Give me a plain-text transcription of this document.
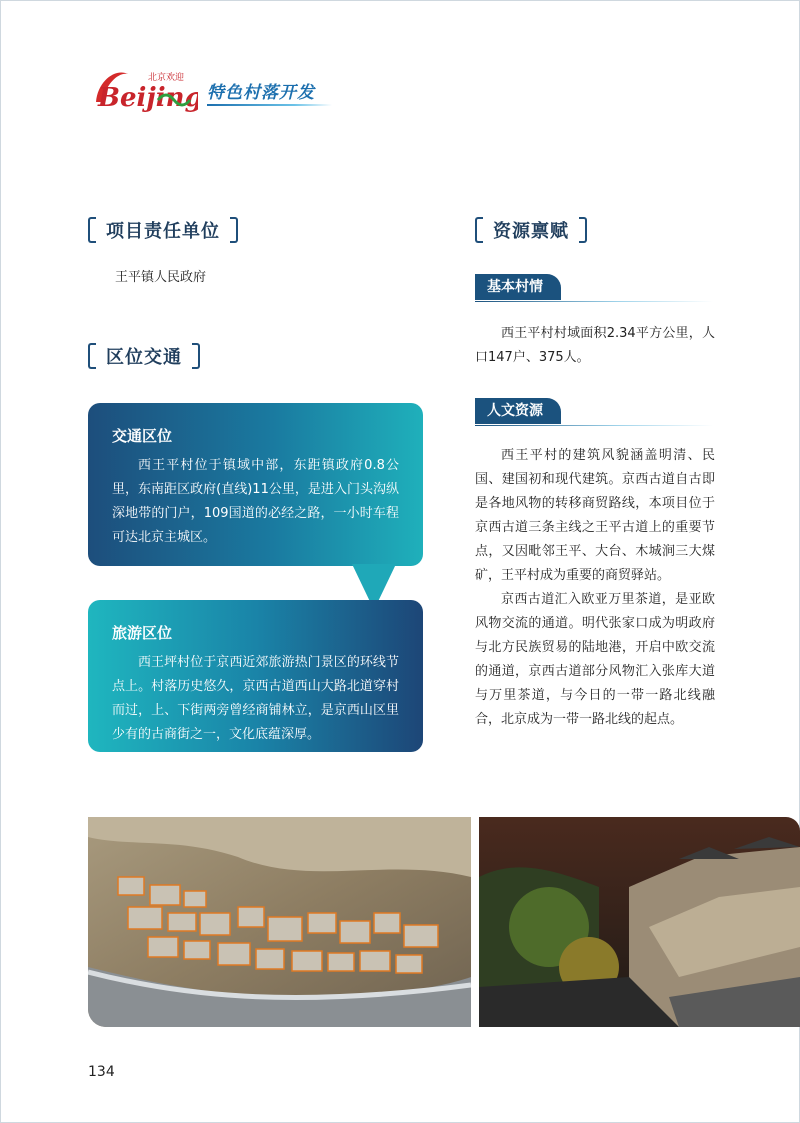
Beijing
北京欢迎
特色村落开发
项目责任单位
王平镇人民政府
区位交通
交通区位

西王平村位于镇域中部，东距镇政府0.8公里，东南距区政府(直线)11公里，是进入门头沟纵深地带的门户，109国道的必经之路，一小时车程可达北京主城区。

旅游区位

西王坪村位于京西近郊旅游热门景区的环线节点上。村落历史悠久，京西古道西山大路北道穿村而过，上、下街两旁曾经商铺林立，是京西山区里少有的古商街之一，文化底蕴深厚。

资源禀赋
基本村情

西王平村村域面积2.34平方公里，人口147户、375人。

人文资源

西王平村的建筑风貌涵盖明清、民国、建国初和现代建筑。京西古道自古即是各地风物的转移商贸路线，本项目位于京西古道三条主线之王平古道上的重要节点，又因毗邻王平、大台、木城涧三大煤矿，王平村成为重要的商贸驿站。

京西古道汇入欧亚万里茶道，是亚欧风物交流的通道。明代张家口成为明政府与北方民族贸易的陆地港，开启中欧交流的通道，京西古道部分风物汇入张库大道与万里茶道，与今日的一带一路北线融合，北京成为一带一路北线的起点。

134
